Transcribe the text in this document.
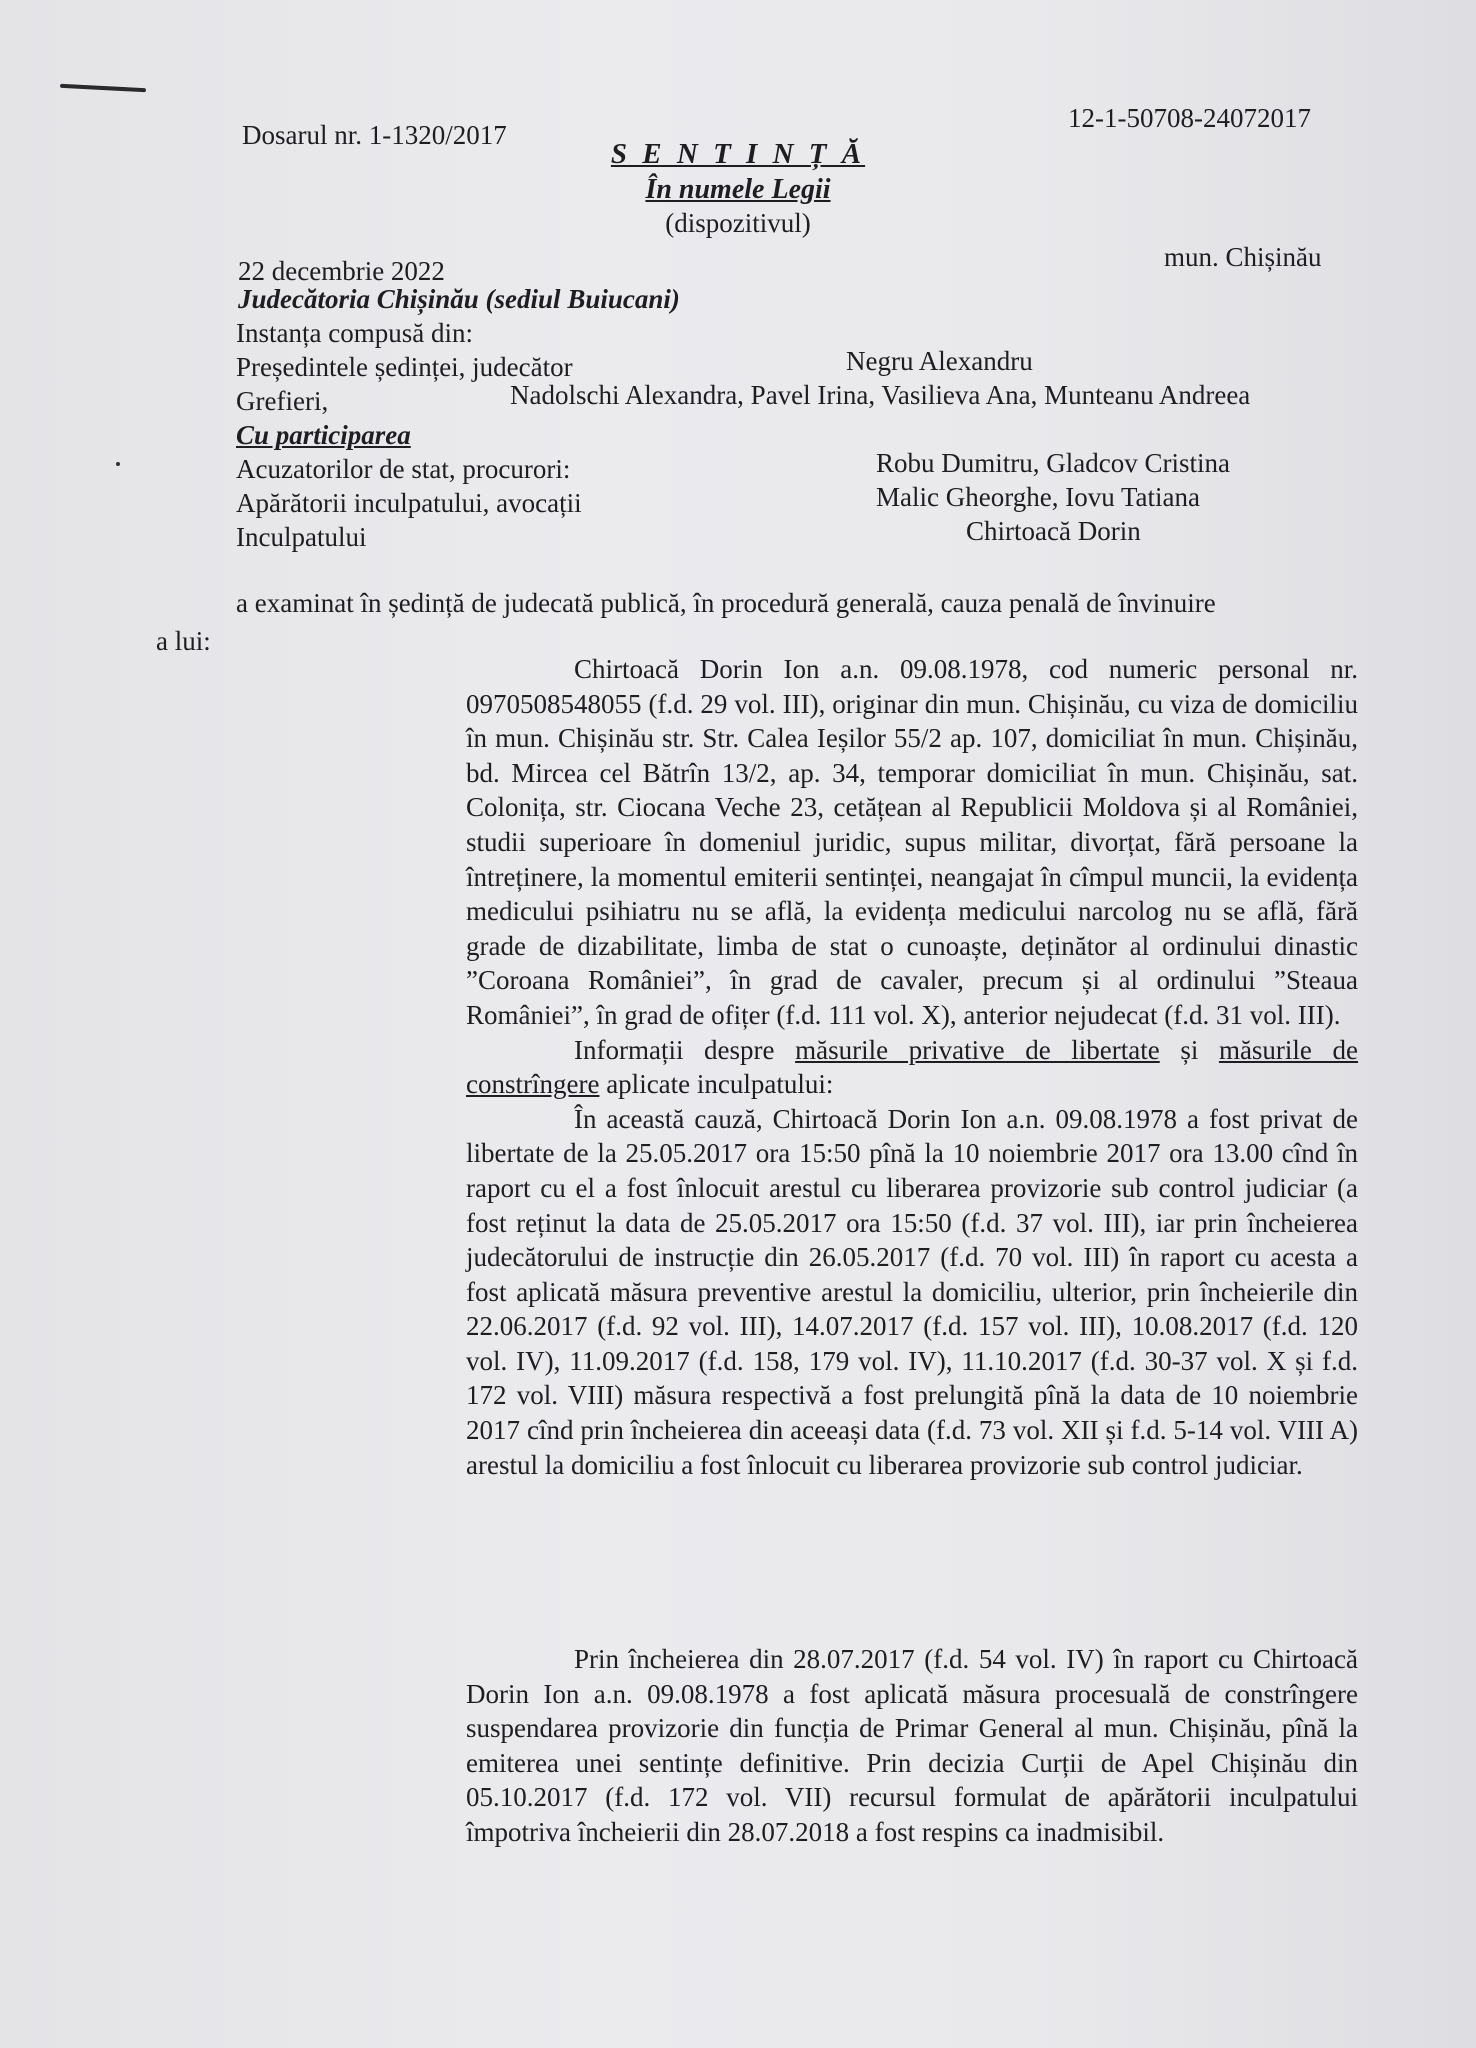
Dosarul nr. 1-1320/2017
12-1-50708-24072017
S E N T I N Ț Ă
În numele Legii
(dispozitivul)
22 decembrie 2022	mun. Chișinău
Judecătoria Chișinău (sediul Buiucani)
Instanța compusă din:
Președintele ședinței, judecător	Negru Alexandru
Grefieri,	Nadolschi Alexandra, Pavel Irina, Vasilieva Ana, Munteanu Andreea
Cu participarea
Acuzatorilor de stat, procurori:	Robu Dumitru, Gladcov Cristina
Apărătorii inculpatului, avocații	Malic Gheorghe, Iovu Tatiana
Inculpatului	Chirtoacă Dorin
a examinat în ședință de judecată publică, în procedură generală, cauza penală de învinuire
a lui:

Chirtoacă Dorin Ion a.n. 09.08.1978, cod numeric personal nr. 0970508548055 (f.d. 29 vol. III), originar din mun. Chișinău, cu viza de domiciliu în mun. Chișinău str. Str. Calea Ieșilor 55/2 ap. 107, domiciliat în mun. Chișinău, bd. Mircea cel Bătrîn 13/2, ap. 34, temporar domiciliat în mun. Chișinău, sat. Colonița, str. Ciocana Veche 23, cetățean al Republicii Moldova și al României, studii superioare în domeniul juridic, supus militar, divorțat, fără persoane la întreținere, la momentul emiterii sentinței, neangajat în cîmpul muncii, la evidența medicului psihiatru nu se află, la evidența medicului narcolog nu se află, fără grade de dizabilitate, limba de stat o cunoaște, deținător al ordinului dinastic ”Coroana României”, în grad de cavaler, precum și al ordinului ”Steaua României”, în grad de ofițer (f.d. 111 vol. X), anterior nejudecat (f.d. 31 vol. III).

Informații despre măsurile privative de libertate și măsurile de constrîngere aplicate inculpatului:

În această cauză, Chirtoacă Dorin Ion a.n. 09.08.1978 a fost privat de libertate de la 25.05.2017 ora 15:50 pînă la 10 noiembrie 2017 ora 13.00 cînd în raport cu el a fost înlocuit arestul cu liberarea provizorie sub control judiciar (a fost reținut la data de 25.05.2017 ora 15:50 (f.d. 37 vol. III), iar prin încheierea judecătorului de instrucție din 26.05.2017 (f.d. 70 vol. III) în raport cu acesta a fost aplicată măsura preventive arestul la domiciliu, ulterior, prin încheierile din 22.06.2017 (f.d. 92 vol. III), 14.07.2017 (f.d. 157 vol. III), 10.08.2017 (f.d. 120 vol. IV), 11.09.2017 (f.d. 158, 179 vol. IV), 11.10.2017 (f.d. 30-37 vol. X și f.d. 172 vol. VIII) măsura respectivă a fost prelungită pînă la data de 10 noiembrie 2017 cînd prin încheierea din aceeași data (f.d. 73 vol. XII și f.d. 5-14 vol. VIII A) arestul la domiciliu a fost înlocuit cu liberarea provizorie sub control judiciar.

Prin încheierea din 28.07.2017 (f.d. 54 vol. IV) în raport cu Chirtoacă Dorin Ion a.n. 09.08.1978 a fost aplicată măsura procesuală de constrîngere suspendarea provizorie din funcția de Primar General al mun. Chișinău, pînă la emiterea unei sentințe definitive. Prin decizia Curții de Apel Chișinău din 05.10.2017 (f.d. 172 vol. VII) recursul formulat de apărătorii inculpatului împotriva încheierii din 28.07.2018 a fost respins ca inadmisibil.
